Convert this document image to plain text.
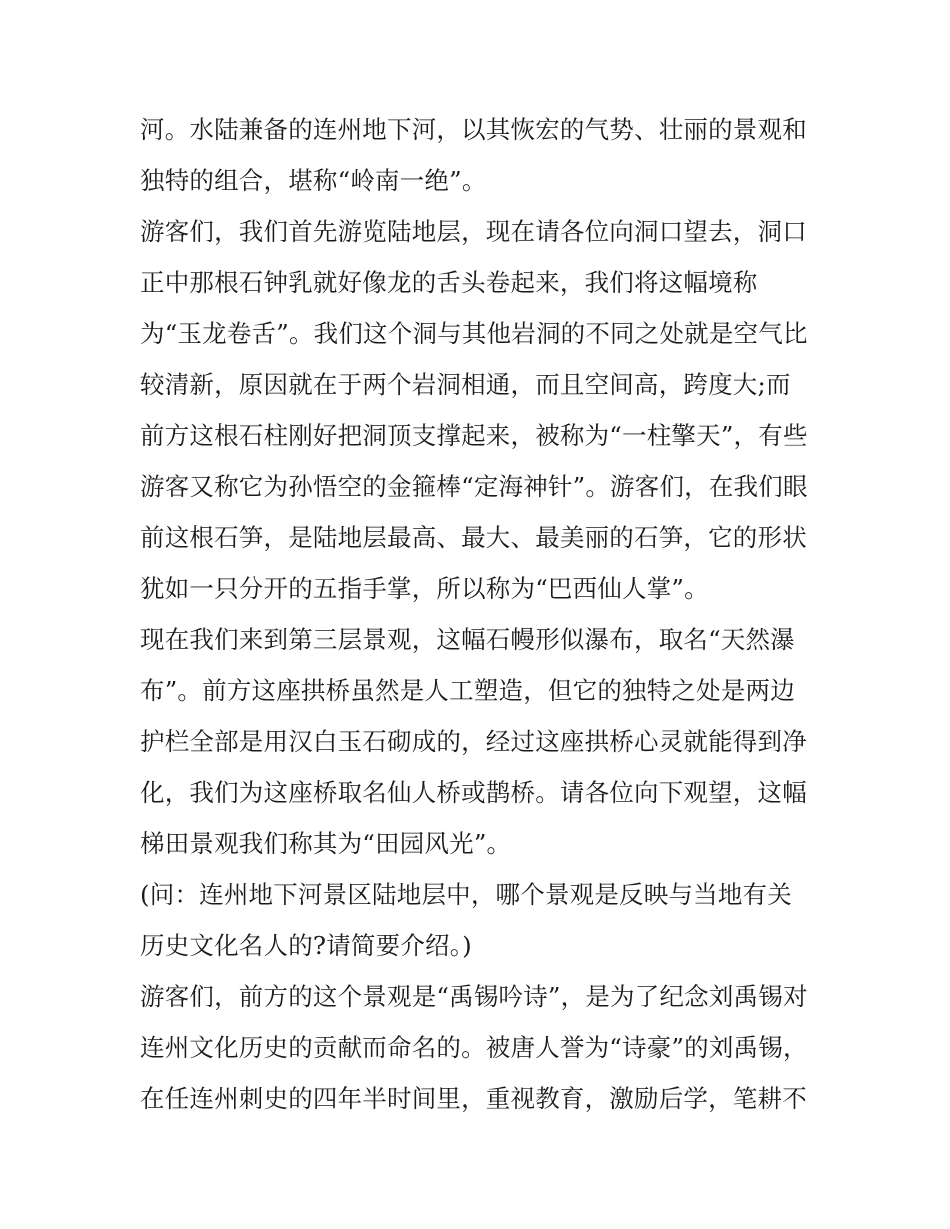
河。水陆兼备的连州地下河，以其恢宏的气势、壮丽的景观和
独特的组合，堪称“岭南一绝”。
游客们，我们首先游览陆地层，现在请各位向洞口望去，洞口
正中那根石钟乳就好像龙的舌头卷起来，我们将这幅境称
为“玉龙卷舌”。我们这个洞与其他岩洞的不同之处就是空气比
较清新，原因就在于两个岩洞相通，而且空间高，跨度大;而
前方这根石柱刚好把洞顶支撑起来，被称为“一柱擎天”，有些
游客又称它为孙悟空的金箍棒“定海神针”。游客们，在我们眼
前这根石笋，是陆地层最高、最大、最美丽的石笋，它的形状
犹如一只分开的五指手掌，所以称为“巴西仙人掌”。
现在我们来到第三层景观，这幅石幔形似瀑布，取名“天然瀑
布”。前方这座拱桥虽然是人工塑造，但它的独特之处是两边
护栏全部是用汉白玉石砌成的，经过这座拱桥心灵就能得到净
化，我们为这座桥取名仙人桥或鹊桥。请各位向下观望，这幅
梯田景观我们称其为“田园风光”。
(问：连州地下河景区陆地层中，哪个景观是反映与当地有关
历史文化名人的?请简要介绍。)
游客们，前方的这个景观是“禹锡吟诗”，是为了纪念刘禹锡对
连州文化历史的贡献而命名的。被唐人誉为“诗豪”的刘禹锡，
在任连州刺史的四年半时间里，重视教育，激励后学，笔耕不
